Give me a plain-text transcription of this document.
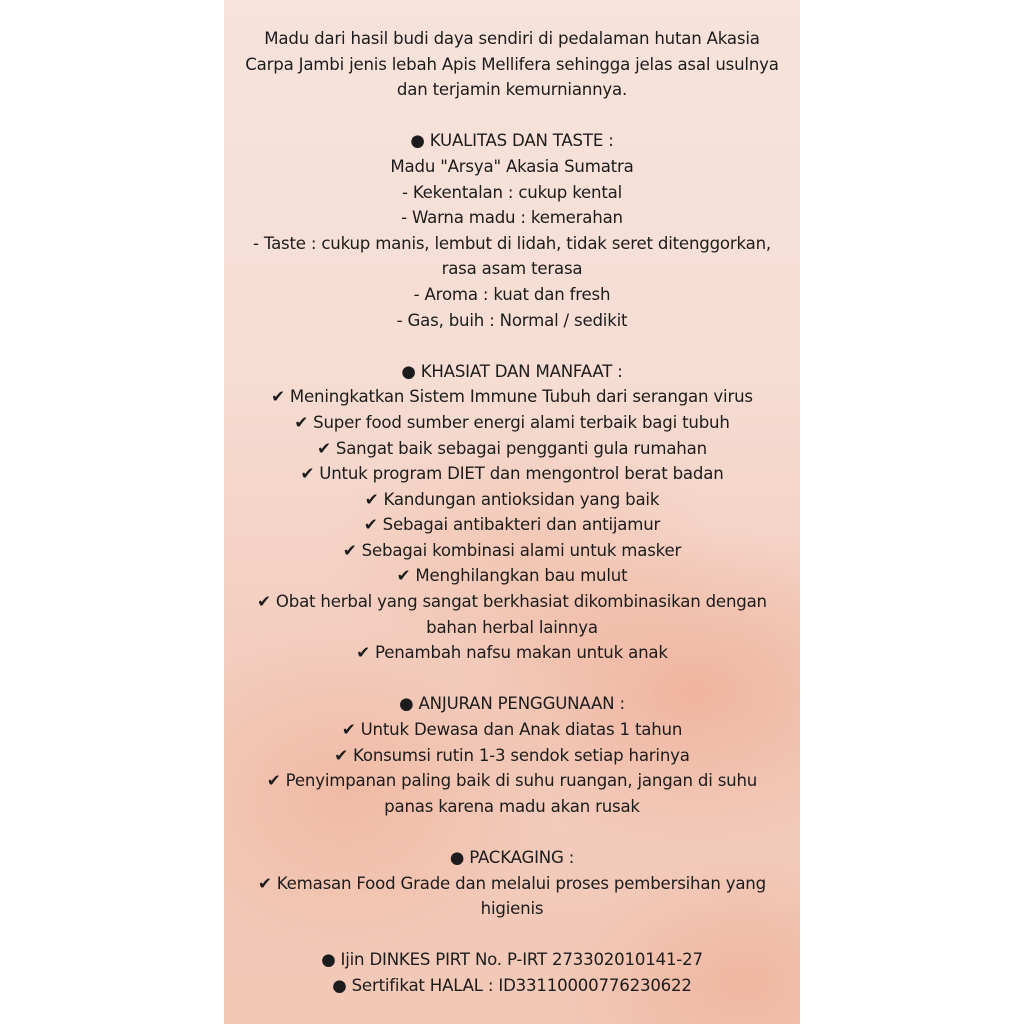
Madu dari hasil budi daya sendiri di pedalaman hutan Akasia
Carpa Jambi jenis lebah Apis Mellifera sehingga jelas asal usulnya
dan terjamin kemurniannya.
● KUALITAS DAN TASTE :
Madu "Arsya" Akasia Sumatra
- Kekentalan : cukup kental
- Warna madu : kemerahan
- Taste : cukup manis, lembut di lidah, tidak seret ditenggorkan,
rasa asam terasa
- Aroma : kuat dan fresh
- Gas, buih : Normal / sedikit
● KHASIAT DAN MANFAAT :
✔ Meningkatkan Sistem Immune Tubuh dari serangan virus
✔ Super food sumber energi alami terbaik bagi tubuh
✔ Sangat baik sebagai pengganti gula rumahan
✔ Untuk program DIET dan mengontrol berat badan
✔ Kandungan antioksidan yang baik
✔ Sebagai antibakteri dan antijamur
✔ Sebagai kombinasi alami untuk masker
✔ Menghilangkan bau mulut
✔ Obat herbal yang sangat berkhasiat dikombinasikan dengan
bahan herbal lainnya
✔ Penambah nafsu makan untuk anak
● ANJURAN PENGGUNAAN :
✔ Untuk Dewasa dan Anak diatas 1 tahun
✔ Konsumsi rutin 1-3 sendok setiap harinya
✔ Penyimpanan paling baik di suhu ruangan, jangan di suhu
panas karena madu akan rusak
● PACKAGING :
✔ Kemasan Food Grade dan melalui proses pembersihan yang
higienis
● Ijin DINKES PIRT No. P-IRT 273302010141-27
● Sertifikat HALAL : ID33110000776230622
